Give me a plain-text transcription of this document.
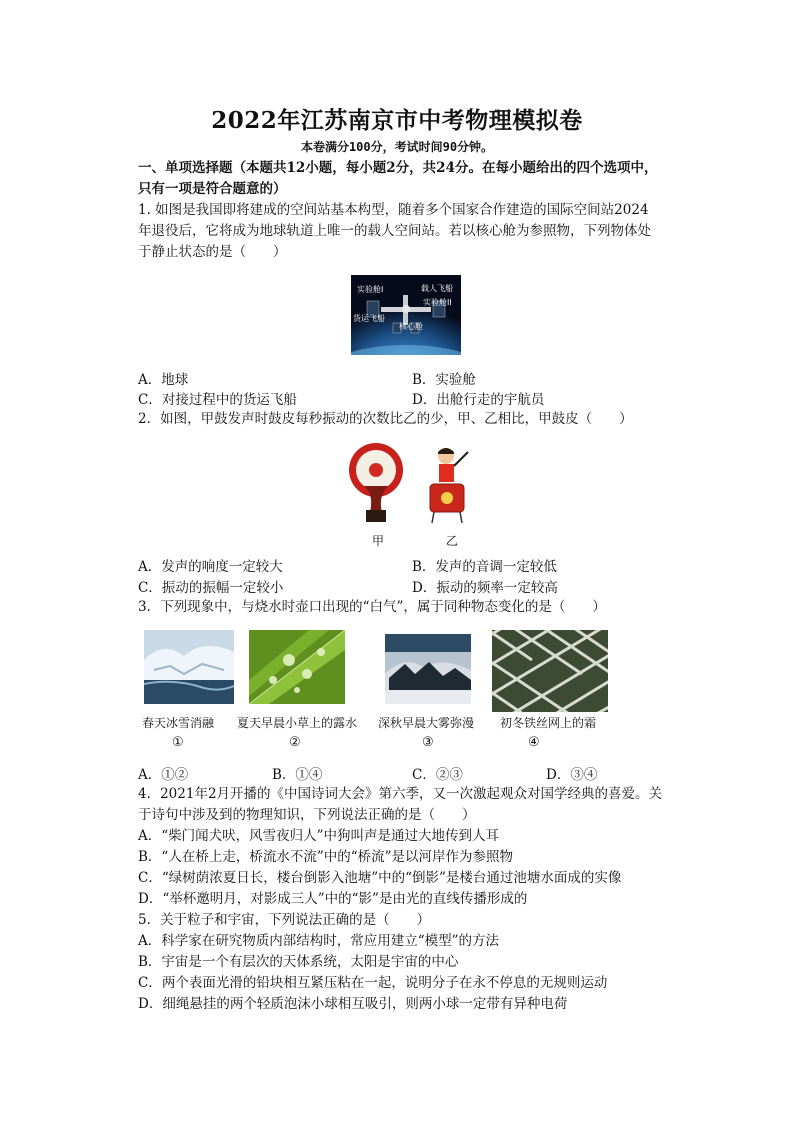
2022年江苏南京市中考物理模拟卷
本卷满分100分，考试时间90分钟。
一、单项选择题（本题共12小题，每小题2分，共24分。在每小题给出的四个选项中，
只有一项是符合题意的）
1. 如图是我国即将建成的空间站基本构型，随着多个国家合作建造的国际空间站2024
年退役后，它将成为地球轨道上唯一的载人空间站。若以核心舱为参照物，下列物体处
于静止状态的是（　　）
实验舱I	载人飞船
实验舱II
货运飞船
核心舱
A．地球	B．实验舱
C．对接过程中的货运飞船	D．出舱行走的宇航员
2．如图，甲鼓发声时鼓皮每秒振动的次数比乙的少，甲、乙相比，甲鼓皮（　　）
甲	乙
A．发声的响度一定较大	B．发声的音调一定较低
C．振动的振幅一定较小	D．振动的频率一定较高
3．下列现象中，与烧水时壶口出现的“白气”，属于同种物态变化的是（　　）
春天冰雪消融 夏天早晨小草上的露水 深秋早晨大雾弥漫 初冬铁丝网上的霜
①	②	③	④
A．①②	B．①④	C．②③	D．③④
4．2021年2月开播的《中国诗词大会》第六季，又一次激起观众对国学经典的喜爱。关
于诗句中涉及到的物理知识，下列说法正确的是（　　）
A．“柴门闻犬吠，风雪夜归人”中狗叫声是通过大地传到人耳
B．“人在桥上走，桥流水不流”中的“桥流”是以河岸作为参照物
C．“绿树荫浓夏日长，楼台倒影入池塘”中的“倒影”是楼台通过池塘水面成的实像
D．“举杯邀明月，对影成三人”中的“影”是由光的直线传播形成的
5．关于粒子和宇宙，下列说法正确的是（　　）
A．科学家在研究物质内部结构时，常应用建立“模型”的方法
B．宇宙是一个有层次的天体系统，太阳是宇宙的中心
C．两个表面光滑的铅块相互紧压粘在一起，说明分子在永不停息的无规则运动
D．细绳悬挂的两个轻质泡沫小球相互吸引，则两小球一定带有异种电荷
